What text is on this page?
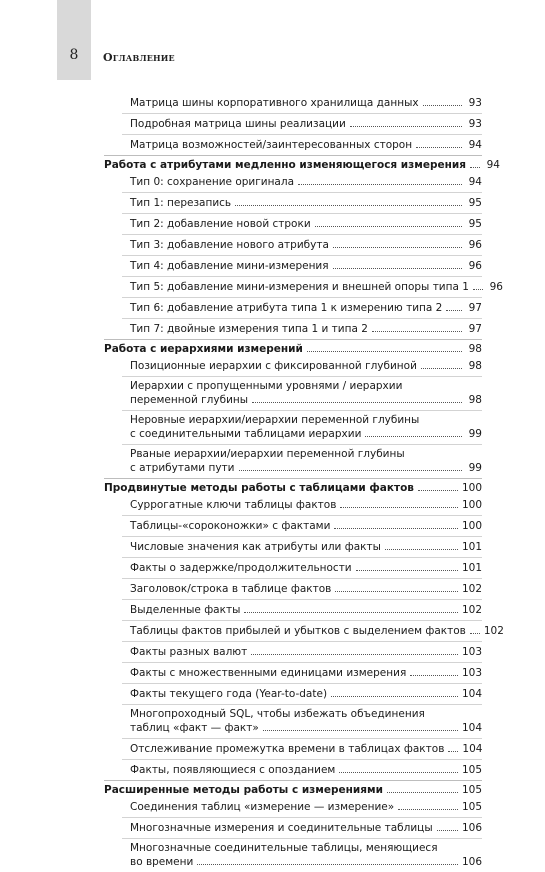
8	Оглавление
Матрица шины корпоративного хранилища данных	93
Подробная матрица шины реализации	93
Матрица возможностей/заинтересованных сторон	94
Работа с атрибутами медленно изменяющегося измерения 94
Тип 0: сохранение оригинала	94
Тип 1: перезапись	95
Тип 2: добавление новой строки	95
Тип 3: добавление нового атрибута	96
Тип 4: добавление мини-измерения	96
Тип 5: добавление мини-измерения и внешней опоры типа 1 96
Тип 6: добавление атрибута типа 1 к измерению типа 2	97
Тип 7: двойные измерения типа 1 и типа 2	97
Работа с иерархиями измерений	98
Позиционные иерархии с фиксированной глубиной	98
Иерархии с пропущенными уровнями / иерархии
переменной глубины	98
Неровные иерархии/иерархии переменной глубины
с соединительными таблицами иерархии	99
Рваные иерархии/иерархии переменной глубины
с атрибутами пути	99
Продвинутые методы работы с таблицами фактов	100
Суррогатные ключи таблицы фактов	100
Таблицы-«сороконожки» с фактами	100
Числовые значения как атрибуты или факты	101
Факты о задержке/продолжительности	101
Заголовок/строка в таблице фактов	102
Выделенные факты	102
Таблицы фактов прибылей и убытков с выделением фактов 102
Факты разных валют	103
Факты с множественными единицами измерения	103
Факты текущего года (Year-to-date)	104
Многопроходный SQL, чтобы избежать объединения
таблиц «факт — факт»	104
Отслеживание промежутка времени в таблицах фактов 104
Факты, появляющиеся с опозданием	105
Расширенные методы работы с измерениями	105
Соединения таблиц «измерение — измерение»	105
Многозначные измерения и соединительные таблицы	106
Многозначные соединительные таблицы, меняющиеся
во времени	106
